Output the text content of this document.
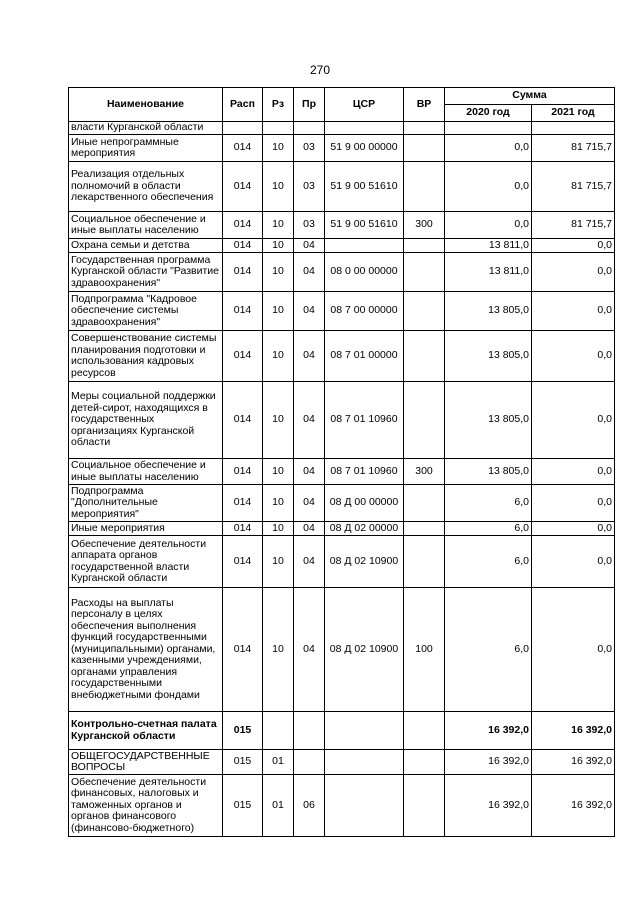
270
Наименование	Расп	Рз	Пр	ЦСР	ВР	Сумма	
						2020 год	2021 год
власти Курганской области							
Иные непрограммные мероприятия	014	10	03	51 9 00 00000		0,0	81 715,7
Реализация отдельных полномочий в области лекарственного обеспечения	014	10	03	51 9 00 51610		0,0	81 715,7
Социальное обеспечение и иные выплаты населению	014	10	03	51 9 00 51610	300	0,0	81 715,7
Охрана семьи и детства	014	10	04			13 811,0	0,0
Государственная программа Курганской области "Развитие здравоохранения"	014	10	04	08 0 00 00000		13 811,0	0,0
Подпрограмма "Кадровое обеспечение системы здравоохранения"	014	10	04	08 7 00 00000		13 805,0	0,0
Совершенствование системы планирования подготовки и использования кадровых ресурсов	014	10	04	08 7 01 00000		13 805,0	0,0
Меры социальной поддержки детей-сирот, находящихся в государственных организациях Курганской области	014	10	04	08 7 01 10960		13 805,0	0,0
Социальное обеспечение и иные выплаты населению	014	10	04	08 7 01 10960	300	13 805,0	0,0
Подпрограмма "Дополнительные мероприятия"	014	10	04	08 Д 00 00000		6,0	0,0
Иные мероприятия	014	10	04	08 Д 02 00000		6,0	0,0
Обеспечение деятельности аппарата органов государственной власти Курганской области	014	10	04	08 Д 02 10900		6,0	0,0
Расходы на выплаты персоналу в целях обеспечения выполнения функций государственными (муниципальными) органами, казенными учреждениями, органами управления государственными внебюджетными фондами	014	10	04	08 Д 02 10900	100	6,0	0,0
Контрольно-счетная палата Курганской области	015					16 392,0	16 392,0
ОБЩЕГОСУДАРСТВЕННЫЕ ВОПРОСЫ	015	01				16 392,0	16 392,0
Обеспечение деятельности финансовых, налоговых и таможенных органов и органов финансового (финансово-бюджетного)	015	01	06			16 392,0	16 392,0
